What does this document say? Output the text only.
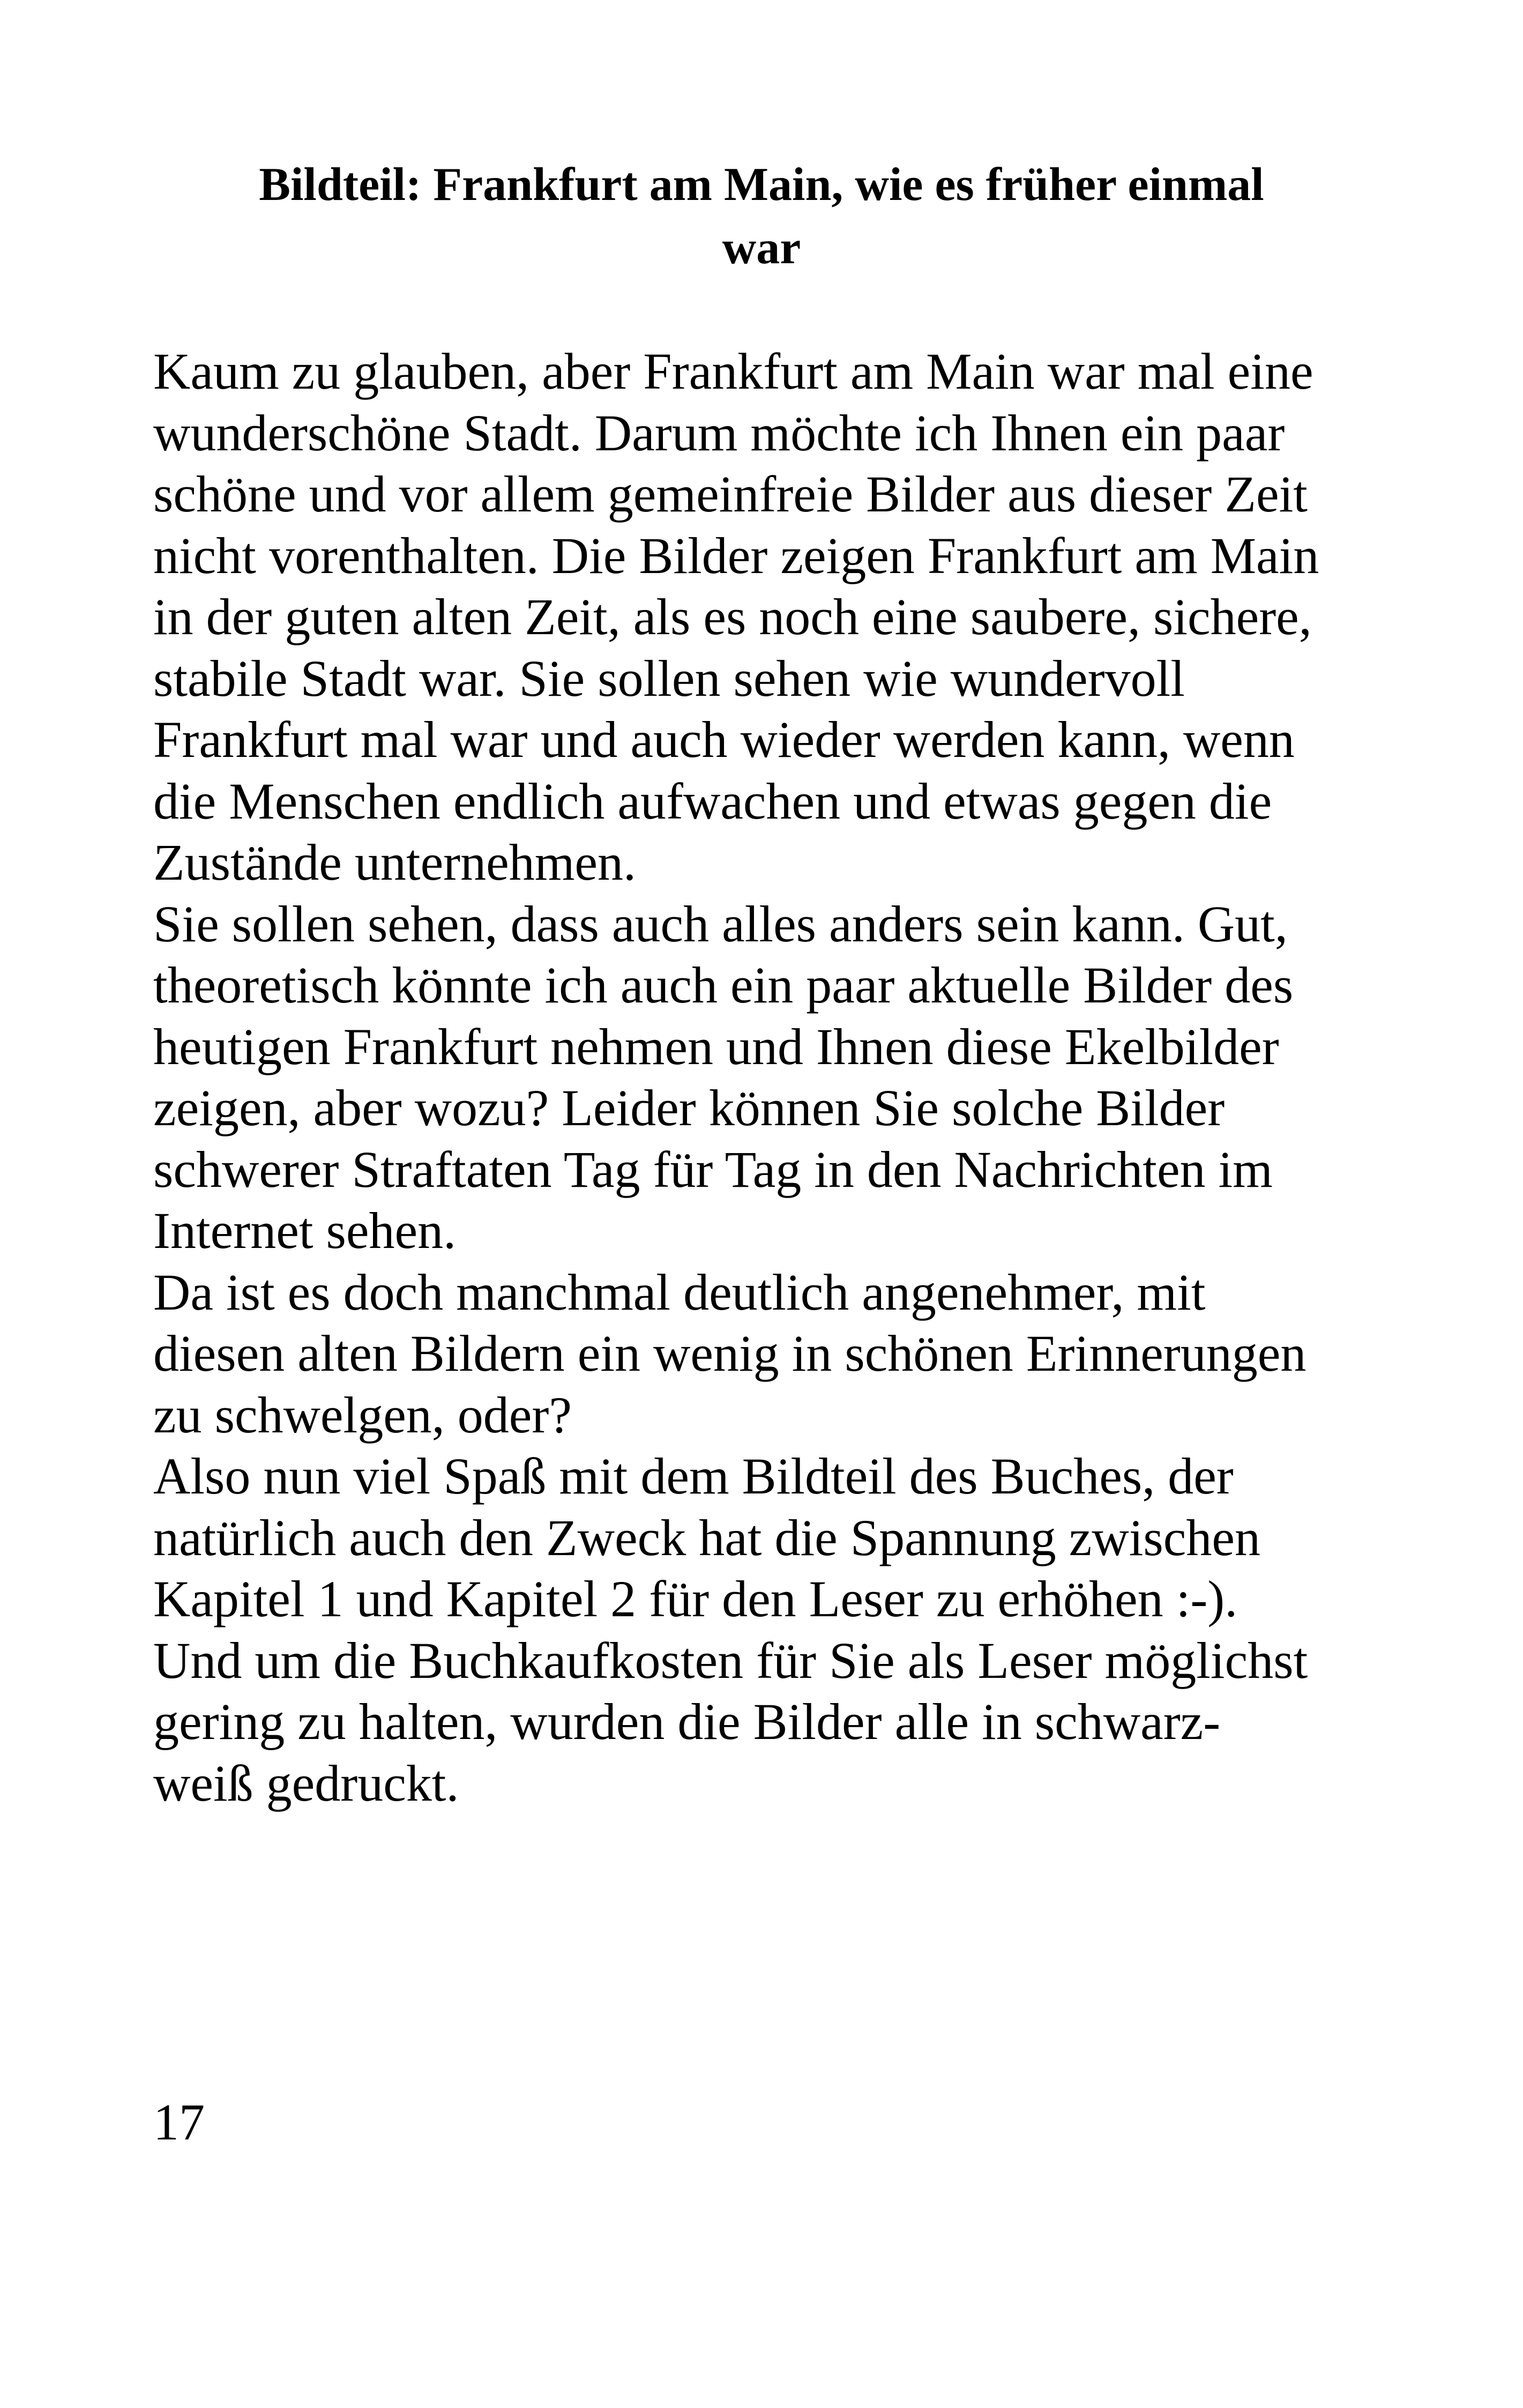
Bildteil: Frankfurt am Main, wie es früher einmal
war
Kaum zu glauben, aber Frankfurt am Main war mal eine
wunderschöne Stadt. Darum möchte ich Ihnen ein paar
schöne und vor allem gemeinfreie Bilder aus dieser Zeit
nicht vorenthalten. Die Bilder zeigen Frankfurt am Main
in der guten alten Zeit, als es noch eine saubere, sichere,
stabile Stadt war. Sie sollen sehen wie wundervoll
Frankfurt mal war und auch wieder werden kann, wenn
die Menschen endlich aufwachen und etwas gegen die
Zustände unternehmen.
Sie sollen sehen, dass auch alles anders sein kann. Gut,
theoretisch könnte ich auch ein paar aktuelle Bilder des
heutigen Frankfurt nehmen und Ihnen diese Ekelbilder
zeigen, aber wozu? Leider können Sie solche Bilder
schwerer Straftaten Tag für Tag in den Nachrichten im
Internet sehen.
Da ist es doch manchmal deutlich angenehmer, mit
diesen alten Bildern ein wenig in schönen Erinnerungen
zu schwelgen, oder?
Also nun viel Spaß mit dem Bildteil des Buches, der
natürlich auch den Zweck hat die Spannung zwischen
Kapitel 1 und Kapitel 2 für den Leser zu erhöhen :-).
Und um die Buchkaufkosten für Sie als Leser möglichst
gering zu halten, wurden die Bilder alle in schwarz-
weiß gedruckt.
17
